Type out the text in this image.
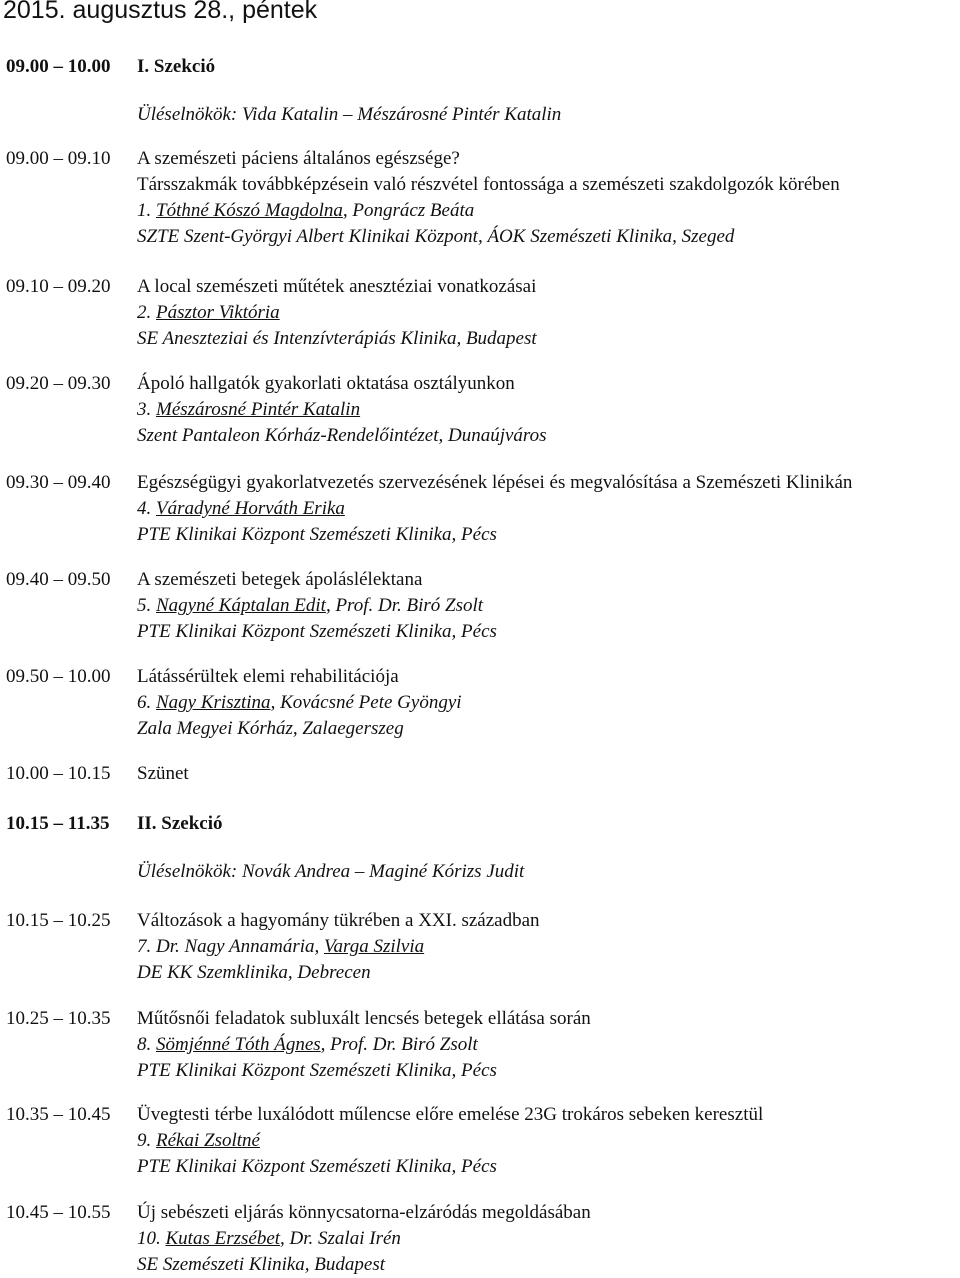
2015. augusztus 28., péntek
09.00 – 10.00 I. Szekció
Üléselnökök: Vida Katalin – Mészárosné Pintér Katalin
09.00 – 09.10 A szemészeti páciens általános egészsége?
Társszakmák továbbképzésein való részvétel fontossága a szemészeti szakdolgozók körében
1. Tóthné Kószó Magdolna, Pongrácz Beáta
SZTE Szent-Györgyi Albert Klinikai Központ, ÁOK Szemészeti Klinika, Szeged
09.10 – 09.20 A local szemészeti műtétek anesztéziai vonatkozásai
2. Pásztor Viktória
SE Aneszteziai és Intenzívterápiás Klinika, Budapest
09.20 – 09.30 Ápoló hallgatók gyakorlati oktatása osztályunkon
3. Mészárosné Pintér Katalin
Szent Pantaleon Kórház-Rendelőintézet, Dunaújváros
09.30 – 09.40 Egészségügyi gyakorlatvezetés szervezésének lépései és megvalósítása a Szemészeti Klinikán
4. Váradyné Horváth Erika
PTE Klinikai Központ Szemészeti Klinika, Pécs
09.40 – 09.50 A szemészeti betegek ápoláslélektana
5. Nagyné Káptalan Edit, Prof. Dr. Biró Zsolt
PTE Klinikai Központ Szemészeti Klinika, Pécs
09.50 – 10.00 Látássérültek elemi rehabilitációja
6. Nagy Krisztina, Kovácsné Pete Gyöngyi
Zala Megyei Kórház, Zalaegerszeg
10.00 – 10.15 Szünet
10.15 – 11.35 II. Szekció
Üléselnökök: Novák Andrea – Maginé Kórizs Judit
10.15 – 10.25 Változások a hagyomány tükrében a XXI. században
7. Dr. Nagy Annamária, Varga Szilvia
DE KK Szemklinika, Debrecen
10.25 – 10.35 Műtősnői feladatok subluxált lencsés betegek ellátása során
8. Sömjénné Tóth Ágnes, Prof. Dr. Biró Zsolt
PTE Klinikai Központ Szemészeti Klinika, Pécs
10.35 – 10.45 Üvegtesti térbe luxálódott műlencse előre emelése 23G trokáros sebeken keresztül
9. Rékai Zsoltné
PTE Klinikai Központ Szemészeti Klinika, Pécs
10.45 – 10.55 Új sebészeti eljárás könnycsatorna-elzáródás megoldásában
10. Kutas Erzsébet, Dr. Szalai Irén
SE Szemészeti Klinika, Budapest
